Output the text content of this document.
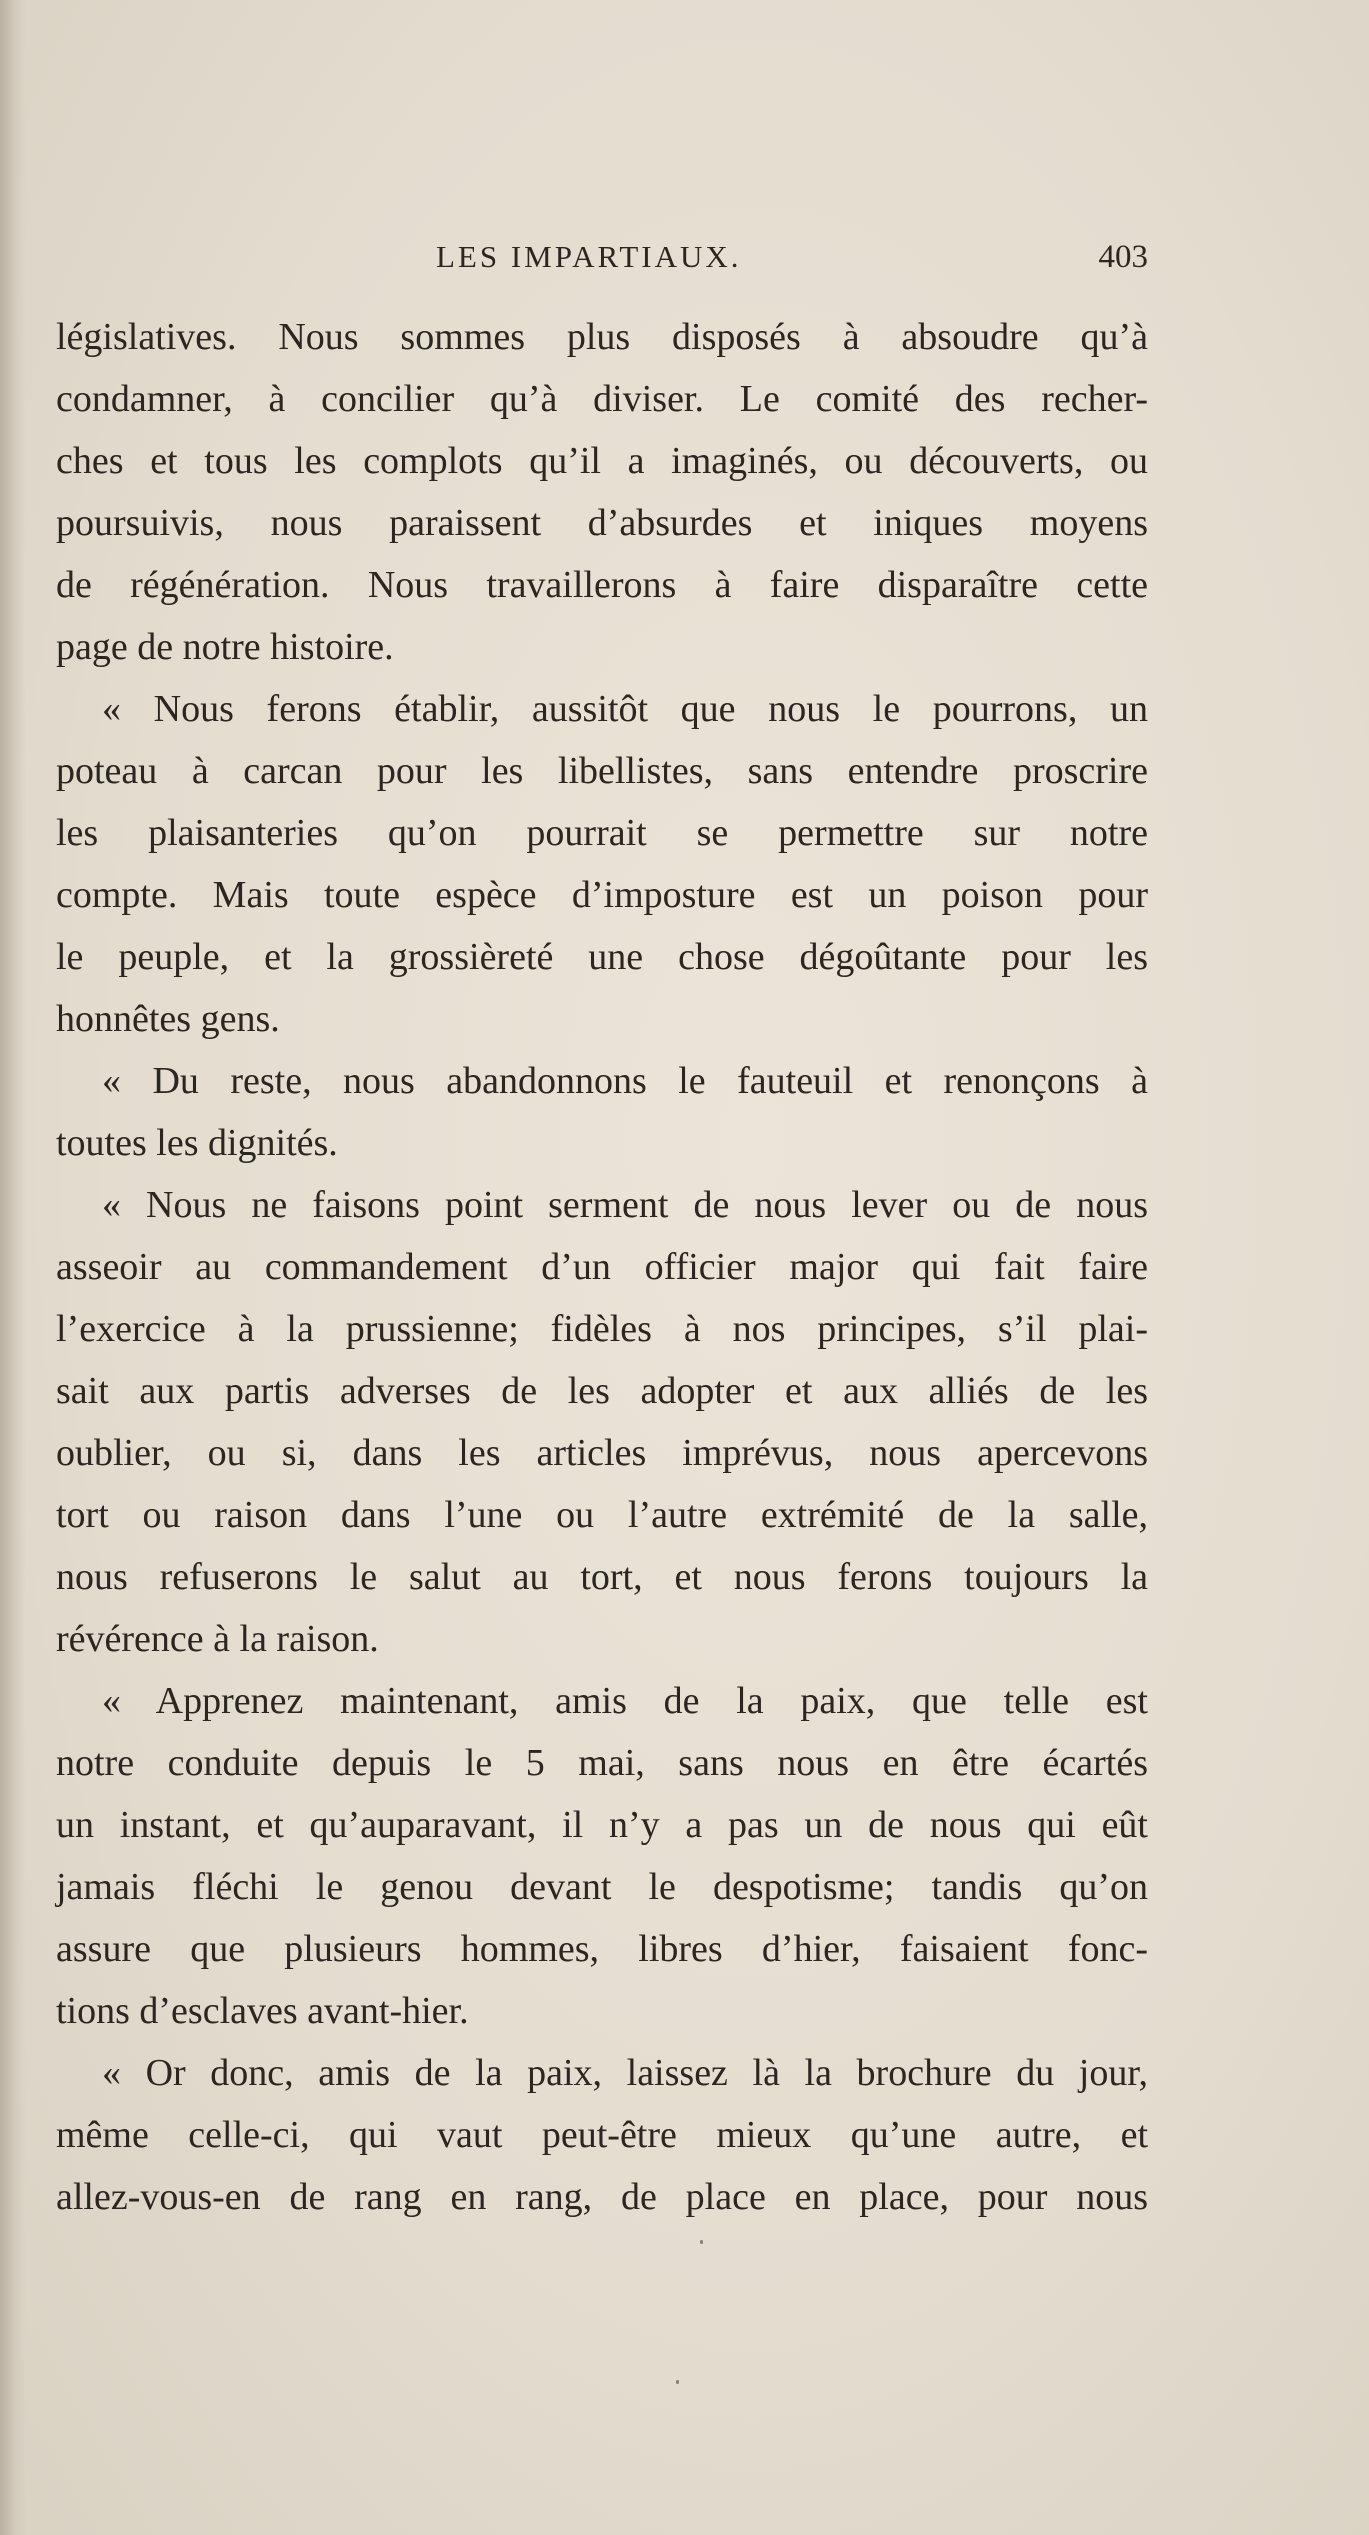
LES IMPARTIAUX.	403
législatives. Nous sommes plus disposés à absoudre qu’à
condamner, à concilier qu’à diviser. Le comité des recher-
ches et tous les complots qu’il a imaginés, ou découverts, ou
poursuivis, nous paraissent d’absurdes et iniques moyens
de régénération. Nous travaillerons à faire disparaître cette
page de notre histoire.
« Nous ferons établir, aussitôt que nous le pourrons, un
poteau à carcan pour les libellistes, sans entendre proscrire
les plaisanteries qu’on pourrait se permettre sur notre
compte. Mais toute espèce d’imposture est un poison pour
le peuple, et la grossièreté une chose dégoûtante pour les
honnêtes gens.
« Du reste, nous abandonnons le fauteuil et renonçons à
toutes les dignités.
« Nous ne faisons point serment de nous lever ou de nous
asseoir au commandement d’un officier major qui fait faire
l’exercice à la prussienne; fidèles à nos principes, s’il plai-
sait aux partis adverses de les adopter et aux alliés de les
oublier, ou si, dans les articles imprévus, nous apercevons
tort ou raison dans l’une ou l’autre extrémité de la salle,
nous refuserons le salut au tort, et nous ferons toujours la
révérence à la raison.
« Apprenez maintenant, amis de la paix, que telle est
notre conduite depuis le 5 mai, sans nous en être écartés
un instant, et qu’auparavant, il n’y a pas un de nous qui eût
jamais fléchi le genou devant le despotisme; tandis qu’on
assure que plusieurs hommes, libres d’hier, faisaient fonc-
tions d’esclaves avant-hier.
« Or donc, amis de la paix, laissez là la brochure du jour,
même celle-ci, qui vaut peut-être mieux qu’une autre, et
allez-vous-en de rang en rang, de place en place, pour nous
